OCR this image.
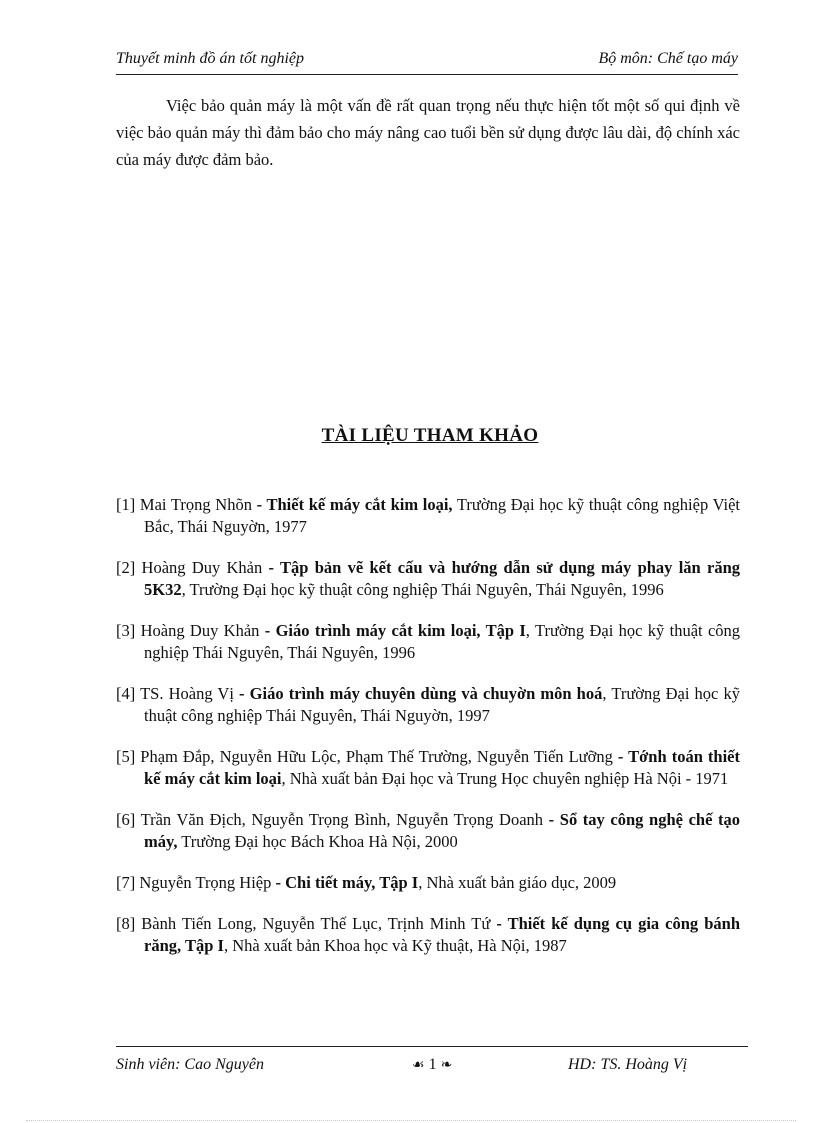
Thuyết minh đồ án tốt nghiệp	Bộ môn: Chế tạo máy

Việc bảo quản máy là một vấn đề rất quan trọng nếu thực hiện tốt một số qui định về việc bảo quản máy thì đảm bảo cho máy nâng cao tuổi bền sử dụng được lâu dài, độ chính xác của máy được đảm bảo.

TÀI LIỆU THAM KHẢO
[1] Mai Trọng Nhõn - Thiết kế máy cắt kim loại, Trường Đại học kỹ thuật công nghiệp Việt Bắc, Thái Nguyờn, 1977
[2] Hoàng Duy Khản - Tập bản vẽ kết cấu và hướng dẫn sử dụng máy phay lăn răng 5K32, Trường Đại học kỹ thuật công nghiệp Thái Nguyên, Thái Nguyên, 1996
[3] Hoàng Duy Khản - Giáo trình máy cắt kim loại, Tập I, Trường Đại học kỹ thuật công nghiệp Thái Nguyên, Thái Nguyên, 1996
[4] TS. Hoàng Vị - Giáo trình máy chuyên dùng và chuyờn môn hoá, Trường Đại học kỹ thuật công nghiệp Thái Nguyên, Thái Nguyờn, 1997
[5] Phạm Đắp, Nguyễn Hữu Lộc, Phạm Thế Trường, Nguyễn Tiến Lưỡng - Tớnh toán thiết kế máy cắt kim loại, Nhà xuất bản Đại học và Trung Học chuyên nghiệp Hà Nội - 1971
[6] Trần Văn Địch, Nguyễn Trọng Bình, Nguyễn Trọng Doanh - Sổ tay công nghệ chế tạo máy, Trường Đại học Bách Khoa Hà Nội, 2000
[7] Nguyễn Trọng Hiệp - Chi tiết máy, Tập I, Nhà xuất bản giáo dục, 2009
[8] Bành Tiến Long, Nguyễn Thế Lục, Trịnh Minh Tứ - Thiết kế dụng cụ gia công bánh răng, Tập I, Nhà xuất bản Khoa học và Kỹ thuật, Hà Nội, 1987
Sinh viên: Cao Nguyên	☙ 1 ❧	HD: TS. Hoàng Vị
